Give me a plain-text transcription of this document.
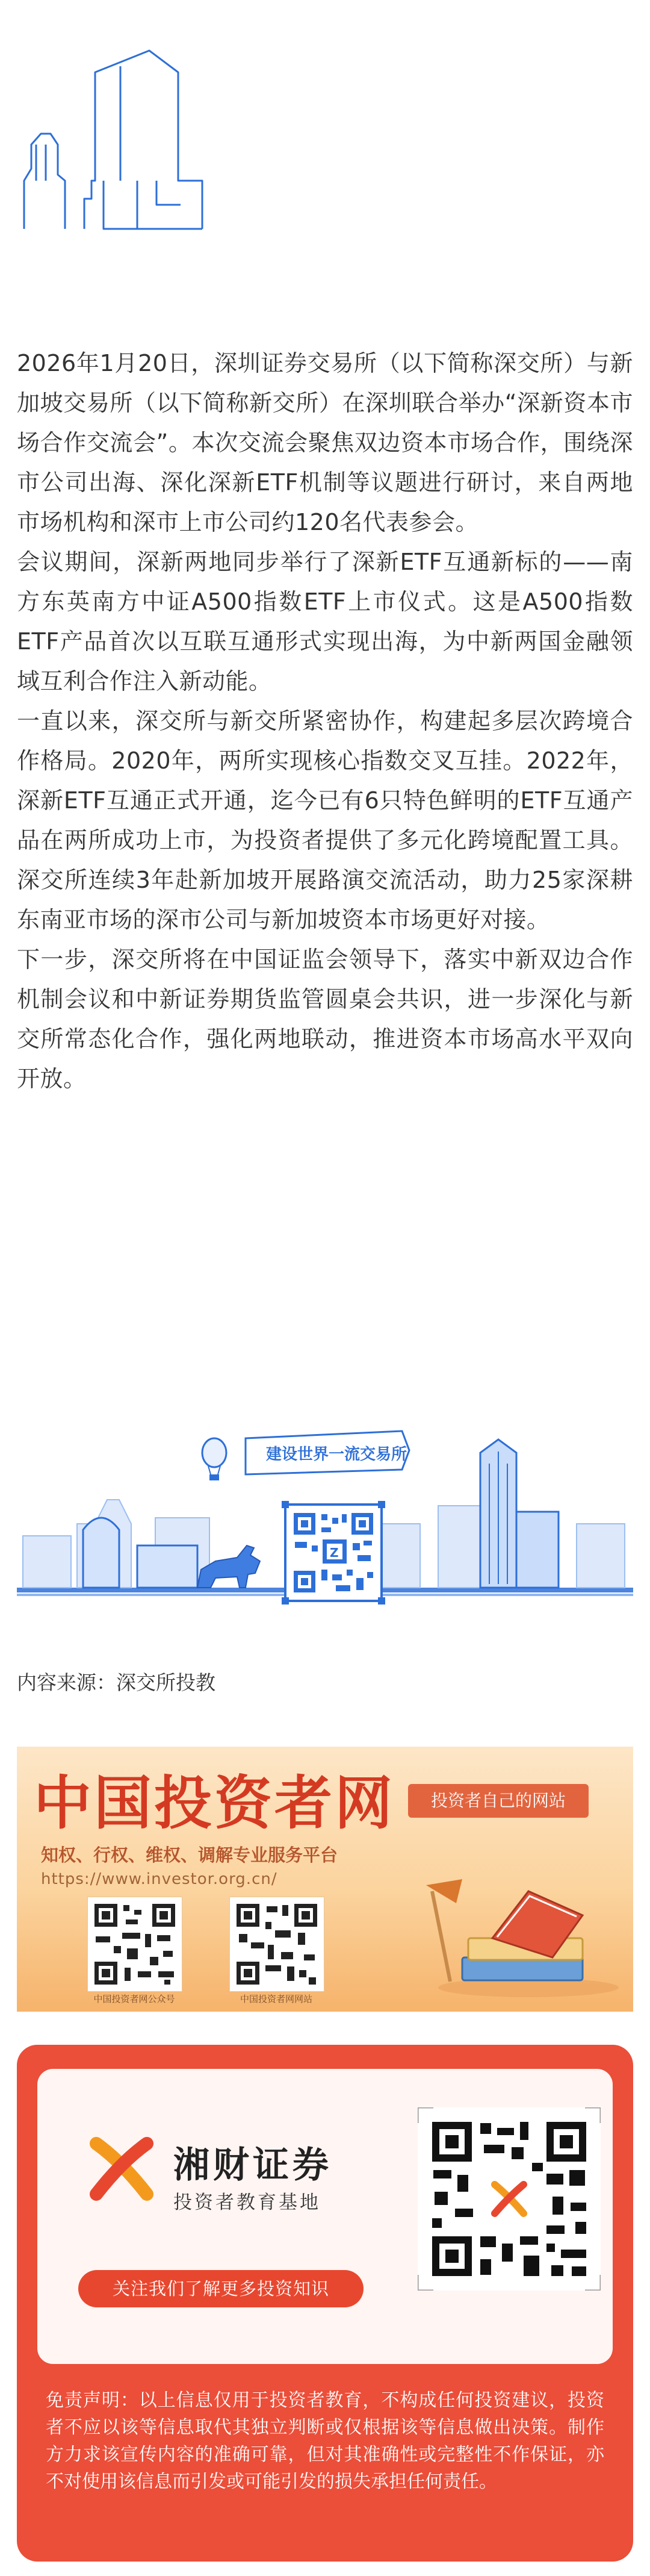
2026年1月20日，深圳证券交易所（以下简称深交所）与新加坡交易所（以下简称新交所）在深圳联合举办“深新资本市场合作交流会”。本次交流会聚焦双边资本市场合作，围绕深市公司出海、深化深新ETF机制等议题进行研讨，来自两地市场机构和深市上市公司约120名代表参会。

会议期间，深新两地同步举行了深新ETF互通新标的——南方东英南方中证A500指数ETF上市仪式。这是A500指数ETF产品首次以互联互通形式实现出海，为中新两国金融领域互利合作注入新动能。

一直以来，深交所与新交所紧密协作，构建起多层次跨境合作格局。2020年，两所实现核心指数交叉互挂。2022年，深新ETF互通正式开通，迄今已有6只特色鲜明的ETF互通产品在两所成功上市，为投资者提供了多元化跨境配置工具。深交所连续3年赴新加坡开展路演交流活动，助力25家深耕东南亚市场的深市公司与新加坡资本市场更好对接。

下一步，深交所将在中国证监会领导下，落实中新双边合作机制会议和中新证券期货监管圆桌会共识，进一步深化与新交所常态化合作，强化两地联动，推进资本市场高水平双向开放。

建设世界一流交易所
Z
内容来源：深交所投教
中国投资者网	投资者自己的网站
知权、行权、维权、调解专业服务平台
https://www.investor.org.cn/
中国投资者网公众号	中国投资者网网站
湘财证券
投资者教育基地
关注我们了解更多投资知识

免责声明：以上信息仅用于投资者教育，不构成任何投资建议，投资者不应以该等信息取代其独立判断或仅根据该等信息做出决策。制作方力求该宣传内容的准确可靠，但对其准确性或完整性不作保证，亦不对使用该信息而引发或可能引发的损失承担任何责任。
